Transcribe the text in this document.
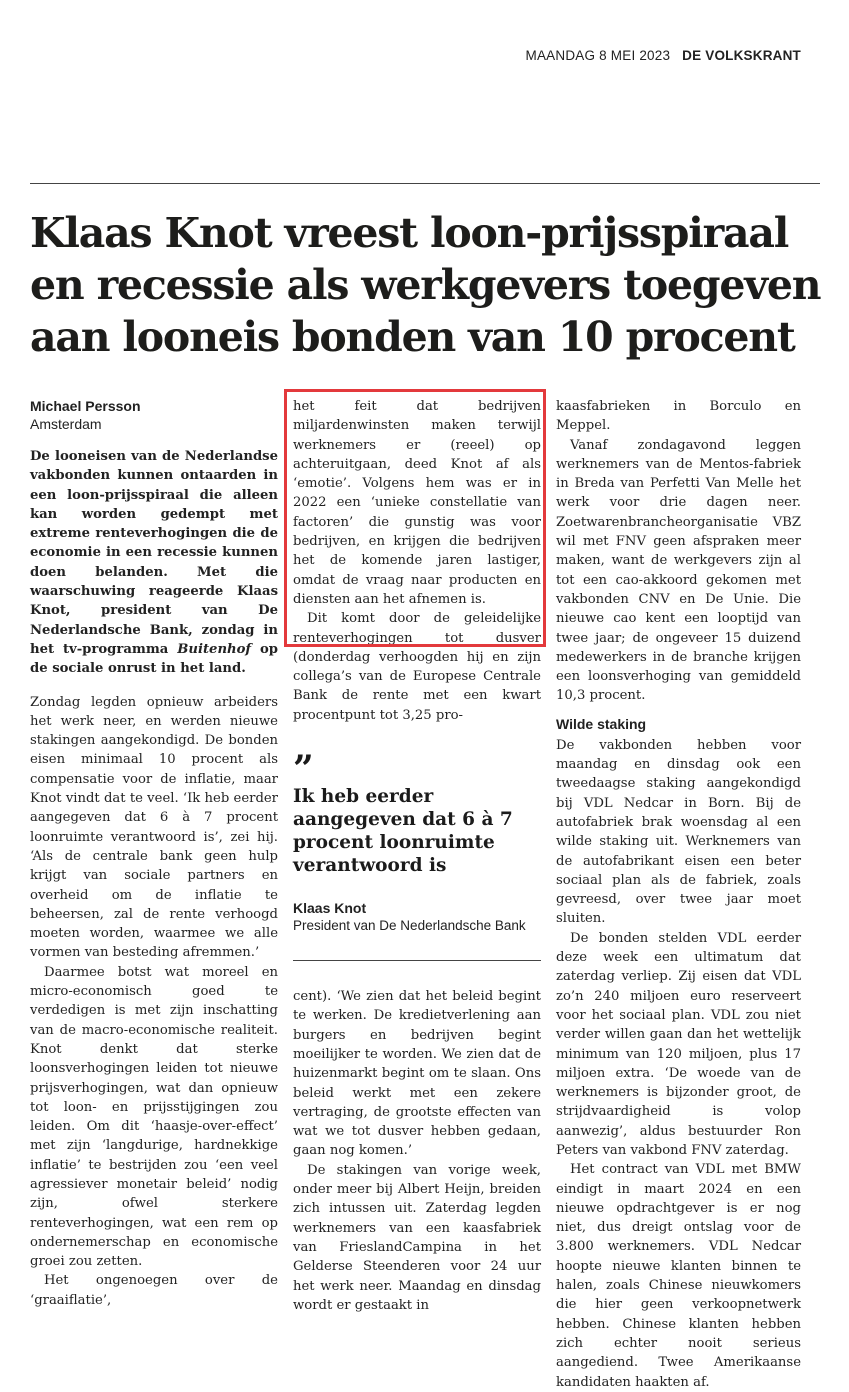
MAANDAG 8 MEI 2023 DE VOLKSKRANT
Klaas Knot vreest loon-prijsspiraal en recessie als werkgevers toegeven aan looneis bonden van 10 procent
Michael Persson
Amsterdam

De looneisen van de Nederlandse vakbonden kunnen ontaarden in een loon-prijsspiraal die alleen kan worden gedempt met extreme renteverhogingen die de economie in een recessie kunnen doen belanden. Met die waarschuwing reageerde Klaas Knot, president van De Nederlandsche Bank, zondag in het tv-programma Buitenhof op de sociale onrust in het land.

Zondag legden opnieuw arbeiders het werk neer, en werden nieuwe stakingen aangekondigd. De bonden eisen minimaal 10 procent als compensatie voor de inflatie, maar Knot vindt dat te veel. ‘Ik heb eerder aangegeven dat 6 à 7 procent loonruimte verantwoord is’, zei hij. ‘Als de centrale bank geen hulp krijgt van sociale partners en overheid om de inflatie te beheersen, zal de rente verhoogd moeten worden, waarmee we alle vormen van besteding afremmen.’

Daarmee botst wat moreel en micro-economisch goed te verdedigen is met zijn inschatting van de macro-economische realiteit. Knot denkt dat sterke loonsverhogingen leiden tot nieuwe prijsverhogingen, wat dan opnieuw tot loon- en prijsstijgingen zou leiden. Om dit ‘haasje-over-effect’ met zijn ‘langdurige, hardnekkige inflatie’ te bestrijden zou ‘een veel agressiever monetair beleid’ nodig zijn, ofwel sterkere renteverhogingen, wat een rem op ondernemerschap en economische groei zou zetten.

Het ongenoegen over de ‘graaiflatie’,

het feit dat bedrijven miljardenwinsten maken terwijl werknemers er (reeel) op achteruitgaan, deed Knot af als ‘emotie’. Volgens hem was er in 2022 een ‘unieke constellatie van factoren’ die gunstig was voor bedrijven, en krijgen die bedrijven het de komende jaren lastiger, omdat de vraag naar producten en diensten aan het afnemen is.

Dit komt door de geleidelijke renteverhogingen tot dusver (donderdag verhoogden hij en zijn collega’s van de Europese Centrale Bank de rente met een kwart procentpunt tot 3,25 pro-

”
Ik heb eerder aangegeven dat 6 à 7 procent loonruimte verantwoord is
Klaas Knot
President van De Nederlandsche Bank

cent). ‘We zien dat het beleid begint te werken. De kredietverlening aan burgers en bedrijven begint moeilijker te worden. We zien dat de huizenmarkt begint om te slaan. Ons beleid werkt met een zekere vertraging, de grootste effecten van wat we tot dusver hebben gedaan, gaan nog komen.’

De stakingen van vorige week, onder meer bij Albert Heijn, breiden zich intussen uit. Zaterdag legden werknemers van een kaasfabriek van FrieslandCampina in het Gelderse Steenderen voor 24 uur het werk neer. Maandag en dinsdag wordt er gestaakt in

kaasfabrieken in Borculo en Meppel.

Vanaf zondagavond leggen werknemers van de Mentos-fabriek in Breda van Perfetti Van Melle het werk voor drie dagen neer. Zoetwarenbrancheorganisatie VBZ wil met FNV geen afspraken meer maken, want de werkgevers zijn al tot een cao-akkoord gekomen met vakbonden CNV en De Unie. Die nieuwe cao kent een looptijd van twee jaar; de ongeveer 15 duizend medewerkers in de branche krijgen een loonsverhoging van gemiddeld 10,3 procent.

Wilde staking

De vakbonden hebben voor maandag en dinsdag ook een tweedaagse staking aangekondigd bij VDL Nedcar in Born. Bij de autofabriek brak woensdag al een wilde staking uit. Werknemers van de autofabrikant eisen een beter sociaal plan als de fabriek, zoals gevreesd, over twee jaar moet sluiten.

De bonden stelden VDL eerder deze week een ultimatum dat zaterdag verliep. Zij eisen dat VDL zo’n 240 miljoen euro reserveert voor het sociaal plan. VDL zou niet verder willen gaan dan het wettelijk minimum van 120 miljoen, plus 17 miljoen extra. ‘De woede van de werknemers is bijzonder groot, de strijdvaardigheid is volop aanwezig’, aldus bestuurder Ron Peters van vakbond FNV zaterdag.

Het contract van VDL met BMW eindigt in maart 2024 en een nieuwe opdrachtgever is er nog niet, dus dreigt ontslag voor de 3.800 werknemers. VDL Nedcar hoopte nieuwe klanten binnen te halen, zoals Chinese nieuwkomers die hier geen verkoopnetwerk hebben. Chinese klanten hebben zich echter nooit serieus aangediend. Twee Amerikaanse kandidaten haakten af.
